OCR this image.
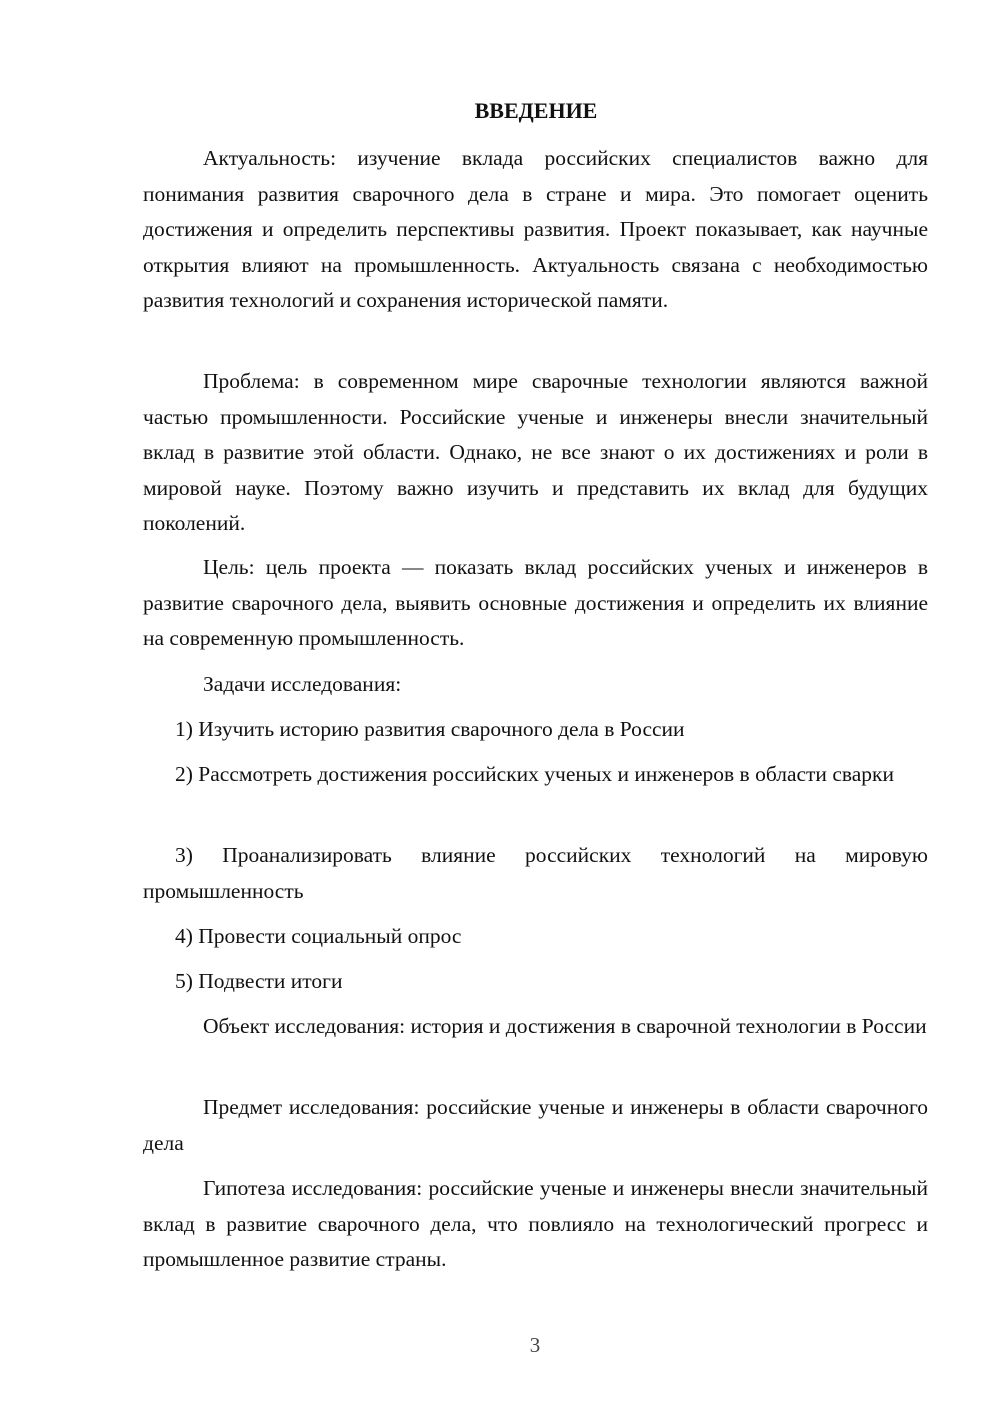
ВВЕДЕНИЕ

Актуальность: изучение вклада российских специалистов важно для понимания развития сварочного дела в стране и мира. Это помогает оценить достижения и определить перспективы развития. Проект показывает, как научные открытия влияют на промышленность. Актуальность связана с необходимостью развития технологий и сохранения исторической памяти.

Проблема: в современном мире сварочные технологии являются важной частью промышленности. Российские ученые и инженеры внесли значительный вклад в развитие этой области. Однако, не все знают о их достижениях и роли в мировой науке. Поэтому важно изучить и представить их вклад для будущих поколений.

Цель: цель проекта — показать вклад российских ученых и инженеров в развитие сварочного дела, выявить основные достижения и определить их влияние на современную промышленность.

Задачи исследования:

1) Изучить историю развития сварочного дела в России

2) Рассмотреть достижения российских ученых и инженеров в области сварки

3) Проанализировать влияние российских технологий на мировую промышленность

4) Провести социальный опрос

5) Подвести итоги

Объект исследования: история и достижения в сварочной технологии в России

Предмет исследования: российские ученые и инженеры в области сварочного дела

Гипотеза исследования: российские ученые и инженеры внесли значительный вклад в развитие сварочного дела, что повлияло на технологический прогресс и промышленное развитие страны.

3
